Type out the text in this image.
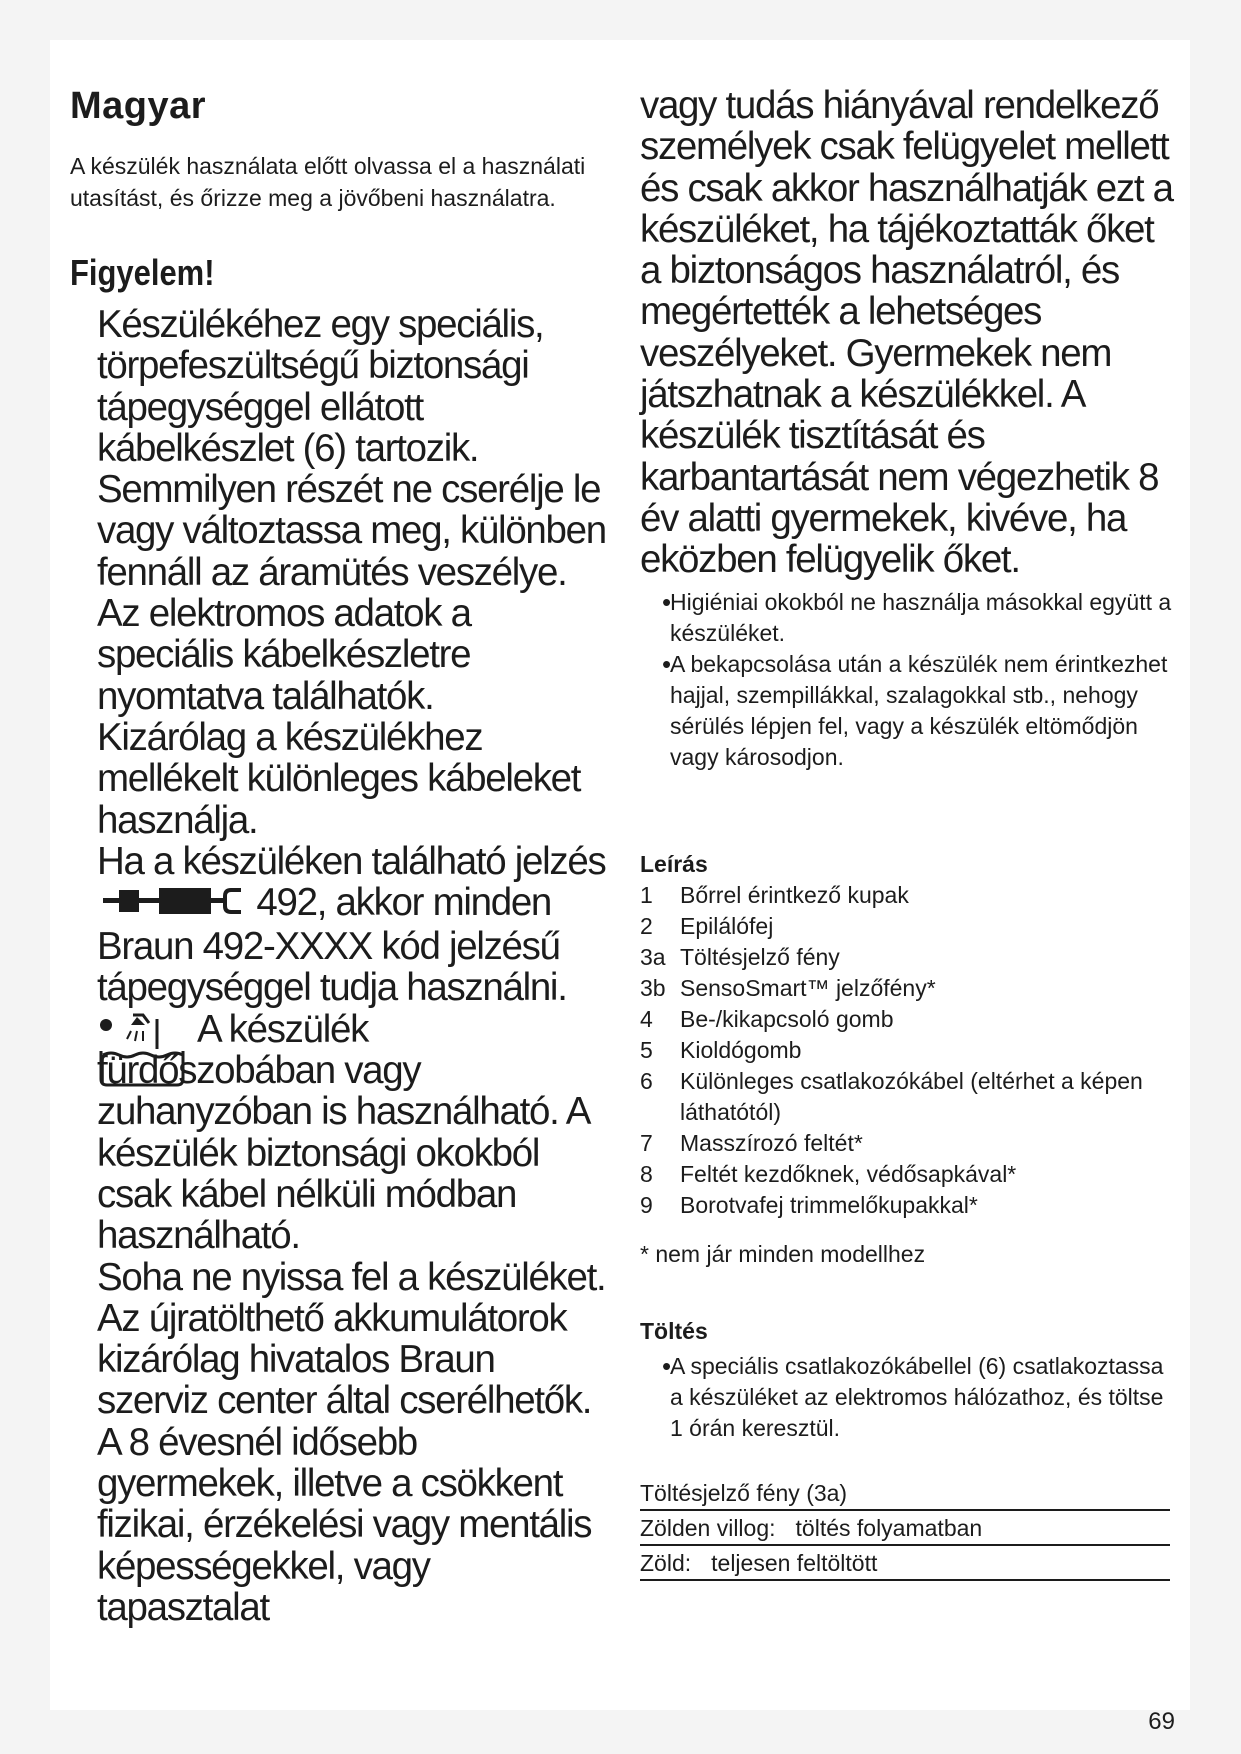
Magyar

A készülék használata előtt olvassa el a használati utasítást, és őrizze meg a jövőbeni használatra.

Figyelem!

Készülékéhez egy speciális, törpefeszültségű biztonsági tápegységgel ellátott kábelkészlet (6) tartozik. Semmilyen részét ne cserélje le vagy változtassa meg, különben fennáll az áramütés veszélye. Az elektromos adatok a speciális kábelkészletre nyomtatva találhatók.

Kizárólag a készülékhez mellékelt különleges kábeleket használja.

Ha a készüléken található jelzés  492, akkor minden Braun 492-XXXX kód jelzésű tápegységgel tudja használni.

A készülék fürdőszobában vagy zuhanyzóban is használható. A készülék biztonsági okokból csak kábel nélküli módban használható.

Soha ne nyissa fel a készüléket. Az újratölthető akkumulátorok kizárólag hivatalos Braun szerviz center által cserélhetők.

A 8 évesnél idősebb gyermekek, illetve a csökkent fizikai, érzékelési vagy mentális képességekkel, vagy tapasztalat

vagy tudás hiányával rendelkező személyek csak felügyelet mellett és csak akkor használhatják ezt a készüléket, ha tájékoztatták őket a biztonságos használatról, és megértették a lehetséges veszélyeket. Gyermekek nem játszhatnak a készülékkel. A készülék tisztítását és karbantartását nem végezhetik 8 év alatti gyermekek, kivéve, ha eközben felügyelik őket.

• Higiéniai okokból ne használja másokkal együtt a készüléket.
• A bekapcsolása után a készülék nem érintkezhet hajjal, szempillákkal, szalagokkal stb., nehogy sérülés lépjen fel, vagy a készülék eltömődjön vagy károsodjon.
Leírás
1	Bőrrel érintkező kupak
2	Epilálófej
3a Töltésjelző fény
3b SensoSmart™ jelzőfény*
4	Be-/kikapcsoló gomb
5	Kioldógomb
6	Különleges csatlakozókábel (eltérhet a képen láthatótól)
7	Masszírozó feltét*
8	Feltét kezdőknek, védősapkával*
9	Borotvafej trimmelőkupakkal*
* nem jár minden modellhez
Töltés
• A speciális csatlakozókábellel (6) csatlakoztassa a készüléket az elektromos hálózathoz, és töltse 1 órán keresztül.
Töltésjelző fény (3a)
Zölden villog: töltés folyamatban
Zöld: teljesen feltöltött
69
